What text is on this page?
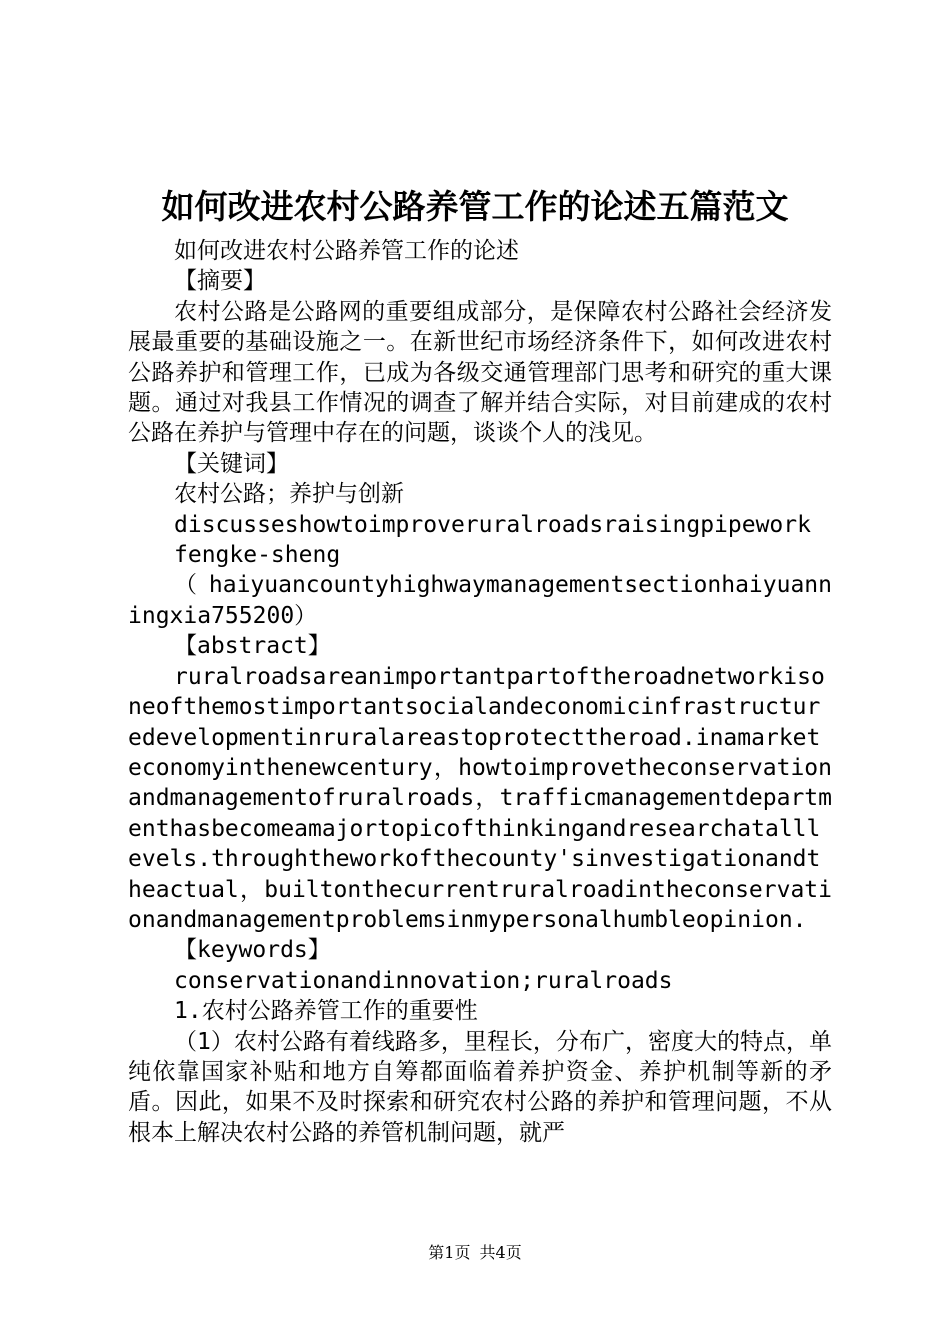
如何改进农村公路养管工作的论述五篇范文

如何改进农村公路养管工作的论述

【摘要】

农村公路是公路网的重要组成部分，是保障农村公路社会经济发展最重要的基础设施之一。在新世纪市场经济条件下，如何改进农村公路养护和管理工作，已成为各级交通管理部门思考和研究的重大课题。通过对我县工作情况的调查了解并结合实际，对目前建成的农村公路在养护与管理中存在的问题，谈谈个人的浅见。

【关键词】

农村公路；养护与创新

discusseshowtoimproveruralroadsraisingpipework

fengke-sheng

（haiyuancountyhighwaymanagementsectionhaiyuanningxia755200）

【abstract】

ruralroadsareanimportantpartoftheroadnetworkisoneofthemostimportantsocialandeconomicinfrastructuredevelopmentinruralareastoprotecttheroad.inamarketeconomyinthenewcentury，howtoimprovetheconservationandmanagementofruralroads，trafficmanagementdepartmenthasbecomeamajortopicofthinkingandresearchatalllevels.throughtheworkofthecounty'sinvestigationandtheactual，builtonthecurrentruralroadintheconservationandmanagementproblemsinmypersonalhumbleopinion.

【keywords】

conservationandinnovation;ruralroads

1.农村公路养管工作的重要性

（1）农村公路有着线路多，里程长，分布广，密度大的特点，单纯依靠国家补贴和地方自筹都面临着养护资金、养护机制等新的矛盾。因此，如果不及时探索和研究农村公路的养护和管理问题，不从根本上解决农村公路的养管机制问题，就严

第1页 共4页
